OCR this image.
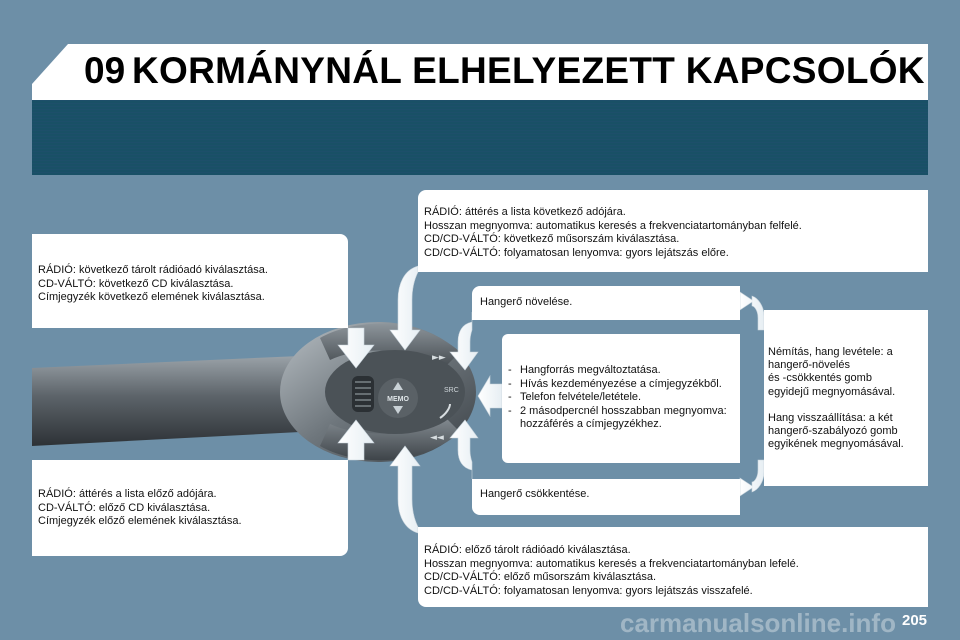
09 KORMÁNYNÁL ELHELYEZETT KAPCSOLÓK
MEMO
SRC
►►
◄◄

RÁDIÓ: következő tárolt rádióadó kiválasztása.
CD-VÁLTÓ: következő CD kiválasztása.
Címjegyzék következő elemének kiválasztása.

RÁDIÓ: áttérés a lista előző adójára.
CD-VÁLTÓ: előző CD kiválasztása.
Címjegyzék előző elemének kiválasztása.

RÁDIÓ: áttérés a lista következő adójára.
Hosszan megnyomva: automatikus keresés a frekvenciatartományban felfelé.
CD/CD-VÁLTÓ: következő műsorszám kiválasztása.
CD/CD-VÁLTÓ: folyamatosan lenyomva: gyors lejátszás előre.

RÁDIÓ: előző tárolt rádióadó kiválasztása.
Hosszan megnyomva: automatikus keresés a frekvenciatartományban lefelé.
CD/CD-VÁLTÓ: előző műsorszám kiválasztása.
CD/CD-VÁLTÓ: folyamatosan lenyomva: gyors lejátszás visszafelé.

Hangerő növelése.

Hangerő csökkentése.

- Hangforrás megváltoztatása.
- Hívás kezdeményezése a címjegyzékből.
- Telefon felvétele/letétele.
- 2 másodpercnél hosszabban megnyomva: hozzáférés a címjegyzékhez.

Némítás, hang levétele: a
hangerő-növelés
és -csökkentés gomb
egyidejű megnyomásával.

Hang visszaállítása: a két
hangerő-szabályozó gomb
egyikének megnyomásával.

carmanualsonline.info 205
